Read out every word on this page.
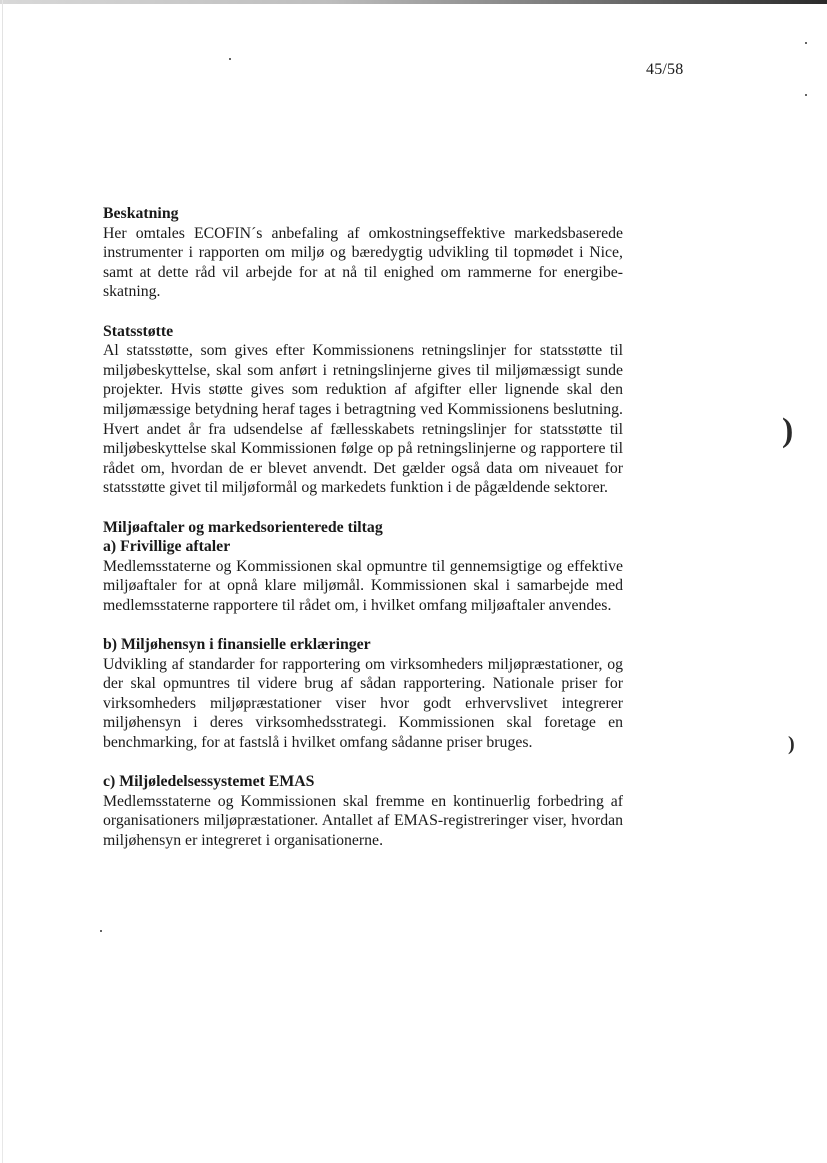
45/58
Beskatning
Her omtales ECOFIN´s anbefaling af omkostningseffektive markedsbaserede instrumenter i rapporten om miljø og bæredygtig udvikling til topmødet i Nice, samt at dette råd vil arbejde for at nå til enighed om rammerne for energibeskatning.
Statsstøtte
Al statsstøtte, som gives efter Kommissionens retningslinjer for statsstøtte til miljøbeskyttelse, skal som anført i retningslinjerne gives til miljømæssigt sunde projekter. Hvis støtte gives som reduktion af afgifter eller lignende skal den miljømæssige betydning heraf tages i betragtning ved Kommissionens beslutning. Hvert andet år fra udsendelse af fællesskabets retningslinjer for statsstøtte til miljøbeskyttelse skal Kommissionen følge op på retningslinjerne og rapportere til rådet om, hvordan de er blevet anvendt. Det gælder også data om niveauet for statsstøtte givet til miljøformål og markedets funktion i de pågældende sektorer.
Miljøaftaler og markedsorienterede tiltag
a) Frivillige aftaler
Medlemsstaterne og Kommissionen skal opmuntre til gennemsigtige og effektive miljøaftaler for at opnå klare miljømål. Kommissionen skal i samarbejde med medlemsstaterne rapportere til rådet om, i hvilket omfang miljøaftaler anvendes.
b) Miljøhensyn i finansielle erklæringer
Udvikling af standarder for rapportering om virksomheders miljøpræstationer, og der skal opmuntres til videre brug af sådan rapportering. Nationale priser for virksomheders miljøpræstationer viser hvor godt erhvervslivet integrerer miljøhensyn i deres virksomhedsstrategi. Kommissionen skal foretage en benchmarking, for at fastslå i hvilket omfang sådanne priser bruges.
c) Miljøledelsessystemet EMAS
Medlemsstaterne og Kommissionen skal fremme en kontinuerlig forbedring af organisationers miljøpræstationer. Antallet af EMAS-registreringer viser, hvordan miljøhensyn er integreret i organisationerne.
)
)
